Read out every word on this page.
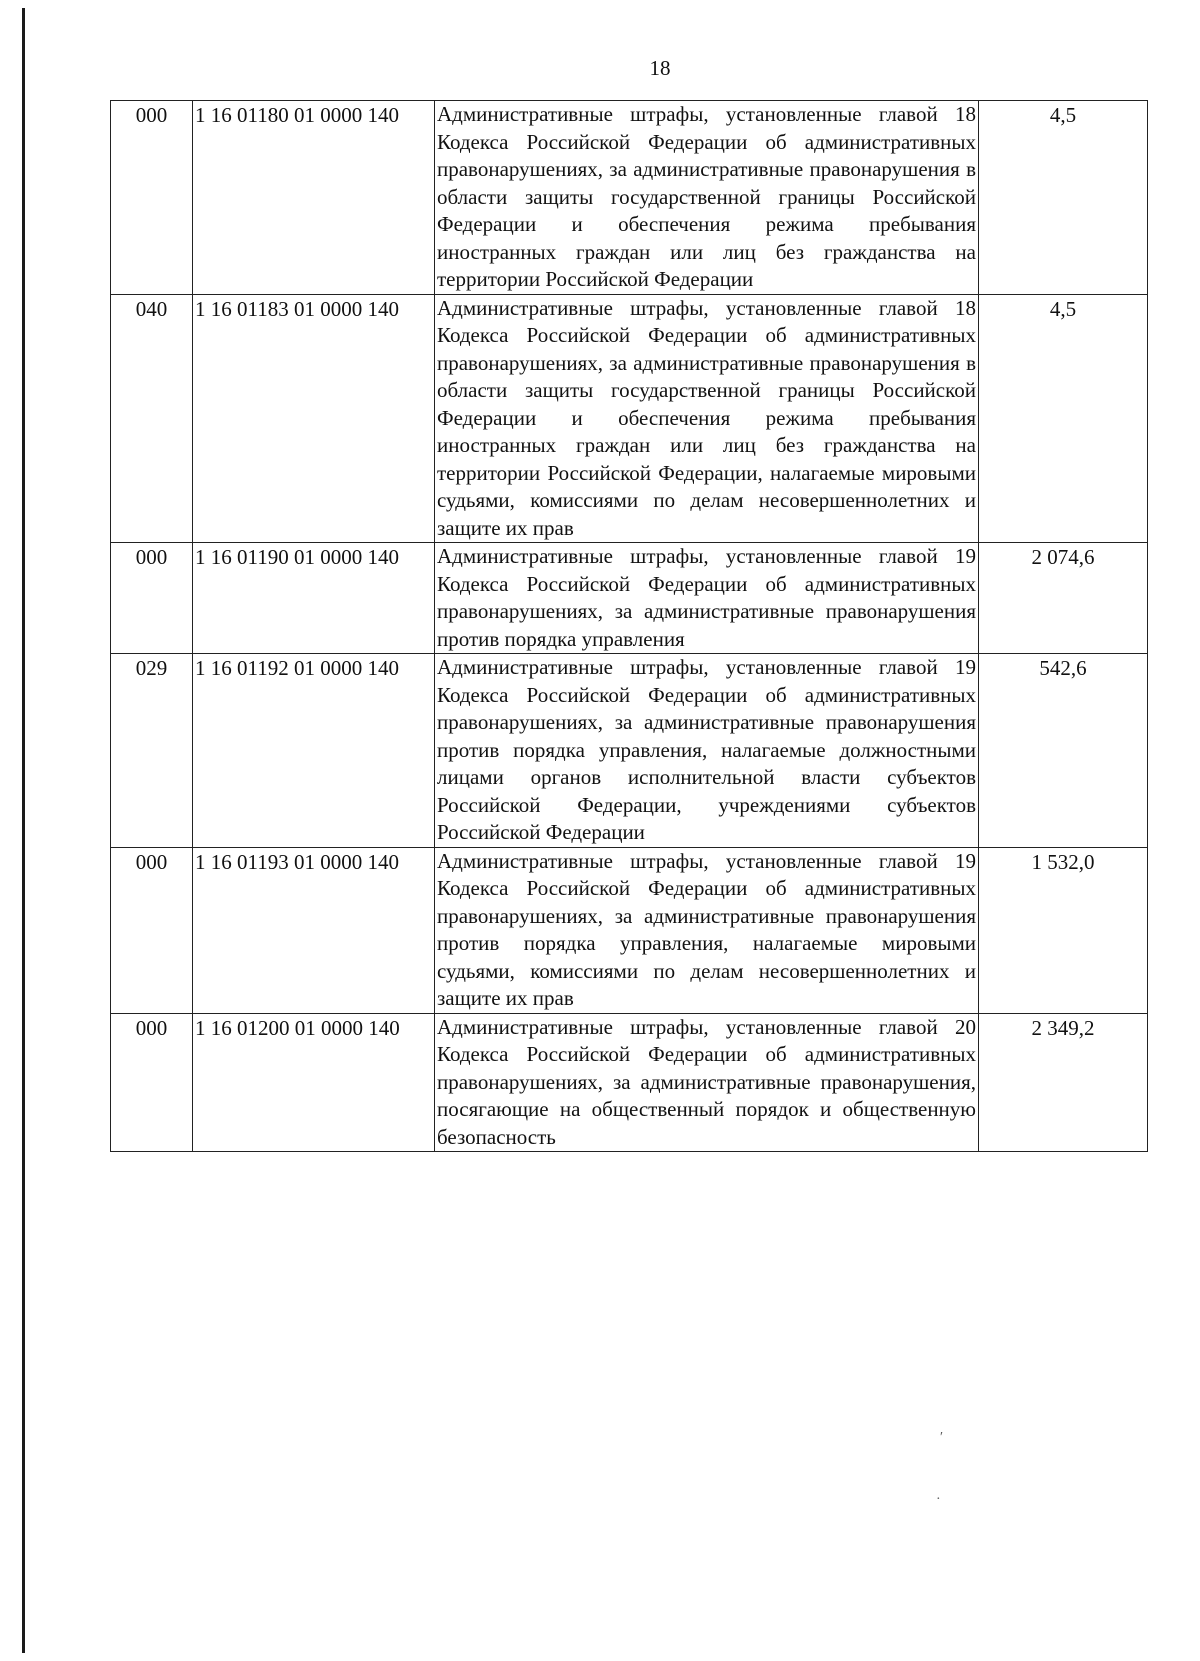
18
000	1 16 01180 01 0000 140	Административные штрафы, установленные главой 18 Кодекса Российской Федерации об административных правонарушениях, за административные правонарушения в области защиты государственной границы Российской Федерации и обеспечения режима пребывания иностранных граждан или лиц без гражданства на территории Российской Федерации	4,5
040	1 16 01183 01 0000 140	Административные штрафы, установленные главой 18 Кодекса Российской Федерации об административных правонарушениях, за административные правонарушения в области защиты государственной границы Российской Федерации и обеспечения режима пребывания иностранных граждан или лиц без гражданства на территории Российской Федерации, налагаемые мировыми судьями, комиссиями по делам несовершеннолетних и защите их прав	4,5
000	1 16 01190 01 0000 140	Административные штрафы, установленные главой 19 Кодекса Российской Федерации об административных правонарушениях, за административные правонарушения против порядка управления	2 074,6
029	1 16 01192 01 0000 140	Административные штрафы, установленные главой 19 Кодекса Российской Федерации об административных правонарушениях, за административные правонарушения против порядка управления, налагаемые должностными лицами органов исполнительной власти субъектов Российской Федерации, учреждениями субъектов Российской Федерации	542,6
000	1 16 01193 01 0000 140	Административные штрафы, установленные главой 19 Кодекса Российской Федерации об административных правонарушениях, за административные правонарушения против порядка управления, налагаемые мировыми судьями, комиссиями по делам несовершеннолетних и защите их прав	1 532,0
000	1 16 01200 01 0000 140	Административные штрафы, установленные главой 20 Кодекса Российской Федерации об административных правонарушениях, за административные правонарушения, посягающие на общественный порядок и общественную безопасность	2 349,2
′
·
